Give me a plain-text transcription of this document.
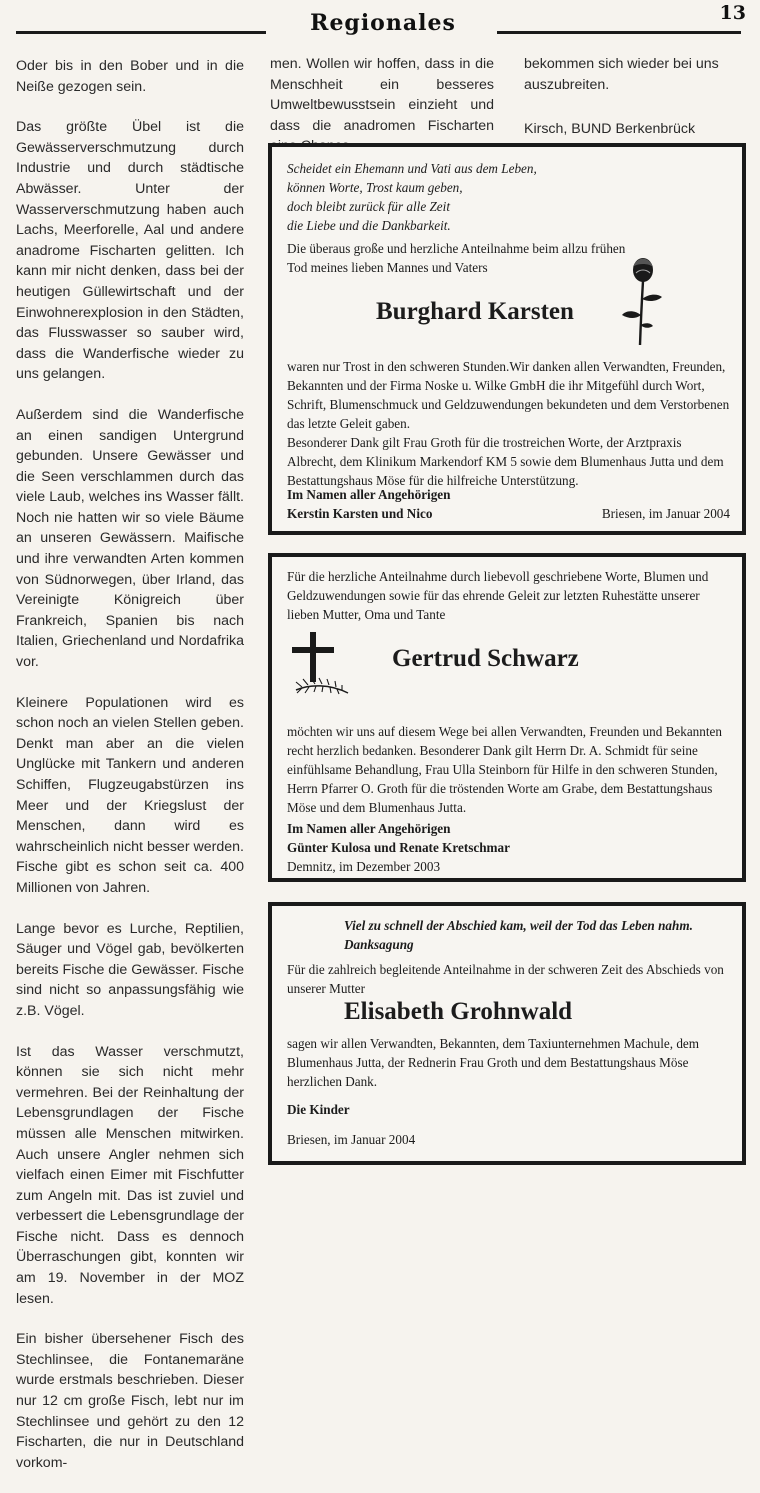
Regionales	13

Oder bis in den Bober und in die Neiße gezogen sein.

Das größte Übel ist die Gewässerverschmutzung durch Industrie und durch städtische Abwässer. Unter der Wasserverschmutzung haben auch Lachs, Meerforelle, Aal und andere anadrome Fischarten gelitten. Ich kann mir nicht denken, dass bei der heutigen Güllewirtschaft und der Einwohnerexplosion in den Städten, das Flusswasser so sauber wird, dass die Wanderfische wieder zu uns gelangen.

Außerdem sind die Wanderfische an einen sandigen Untergrund gebunden. Unsere Gewässer und die Seen verschlammen durch das viele Laub, welches ins Wasser fällt. Noch nie hatten wir so viele Bäume an unseren Gewässern. Maifische und ihre verwandten Arten kommen von Südnorwegen, über Irland, das Vereinigte Königreich über Frankreich, Spanien bis nach Italien, Griechenland und Nordafrika vor.

Kleinere Populationen wird es schon noch an vielen Stellen geben. Denkt man aber an die vielen Unglücke mit Tankern und anderen Schiffen, Flugzeugabstürzen ins Meer und der Kriegslust der Menschen, dann wird es wahrscheinlich nicht besser werden. Fische gibt es schon seit ca. 400 Millionen von Jahren.

Lange bevor es Lurche, Reptilien, Säuger und Vögel gab, bevölkerten bereits Fische die Gewässer. Fische sind nicht so anpassungsfähig wie z.B. Vögel.

Ist das Wasser verschmutzt, können sie sich nicht mehr vermehren. Bei der Reinhaltung der Lebensgrundlagen der Fische müssen alle Menschen mitwirken. Auch unsere Angler nehmen sich vielfach einen Eimer mit Fischfutter zum Angeln mit. Das ist zuviel und verbessert die Lebensgrundlage der Fische nicht. Dass es dennoch Überraschungen gibt, konnten wir am 19. November in der MOZ lesen.

Ein bisher übersehener Fisch des Stechlinsee, die Fontanemaräne wurde erstmals beschrieben. Dieser nur 12 cm große Fisch, lebt nur im Stechlinsee und gehört zu den 12 Fischarten, die nur in Deutschland vorkom-

men. Wollen wir hoffen, dass in die Menschheit ein besseres Umweltbewusstsein einzieht und dass die anadromen Fischarten

bekommen sich wieder bei uns auszubreiten.

Kirsch, BUND Berkenbrück

Scheidet ein Ehemann und Vati aus dem Leben,
können Worte, Trost kaum geben,
doch bleibt zurück für alle Zeit
die Liebe und die Dankbarkeit.

Die überaus große und herzliche Anteilnahme beim allzu frühen Tod meines lieben Mannes und Vaters

Burghard Karsten

waren nur Trost in den schweren Stunden.Wir danken allen Verwandten, Freunden, Bekannten und der Firma Noske u. Wilke GmbH die ihr Mitgefühl durch Wort, Schrift, Blumenschmuck und Geldzuwendungen bekundeten und dem Verstorbenen das letzte Geleit gaben.
Besonderer Dank gilt Frau Groth für die trostreichen Worte, der Arztpraxis Albrecht, dem Klinikum Markendorf KM 5 sowie dem Blumenhaus Jutta und dem Bestattungshaus Möse für die hilfreiche Unterstützung.

Im Namen aller Angehörigen
Kerstin Karsten und Nico	Briesen, im Januar 2004

Für die herzliche Anteilnahme durch liebevoll geschriebene Worte, Blumen und Geldzuwendungen sowie für das ehrende Geleit zur letzten Ruhestätte unserer lieben Mutter, Oma und Tante

Gertrud Schwarz

möchten wir uns auf diesem Wege bei allen Verwandten, Freunden und Bekannten recht herzlich bedanken. Besonderer Dank gilt Herrn Dr. A. Schmidt für seine einfühlsame Behandlung, Frau Ulla Steinborn für Hilfe in den schweren Stunden, Herrn Pfarrer O. Groth für die tröstenden Worte am Grabe, dem Bestattungshaus Möse und dem Blumenhaus Jutta.

Im Namen aller Angehörigen
Günter Kulosa und Renate Kretschmar

Demnitz, im Dezember 2003

Viel zu schnell der Abschied kam, weil der Tod das Leben nahm.
Danksagung

Für die zahlreich begleitende Anteilnahme in der schweren Zeit des Abschieds von unserer Mutter

Elisabeth Grohnwald

sagen wir allen Verwandten, Bekannten, dem Taxiunternehmen Machule, dem Blumenhaus Jutta, der Rednerin Frau Groth und dem Bestattungshaus Möse herzlichen Dank.

Die Kinder

Briesen, im Januar 2004
